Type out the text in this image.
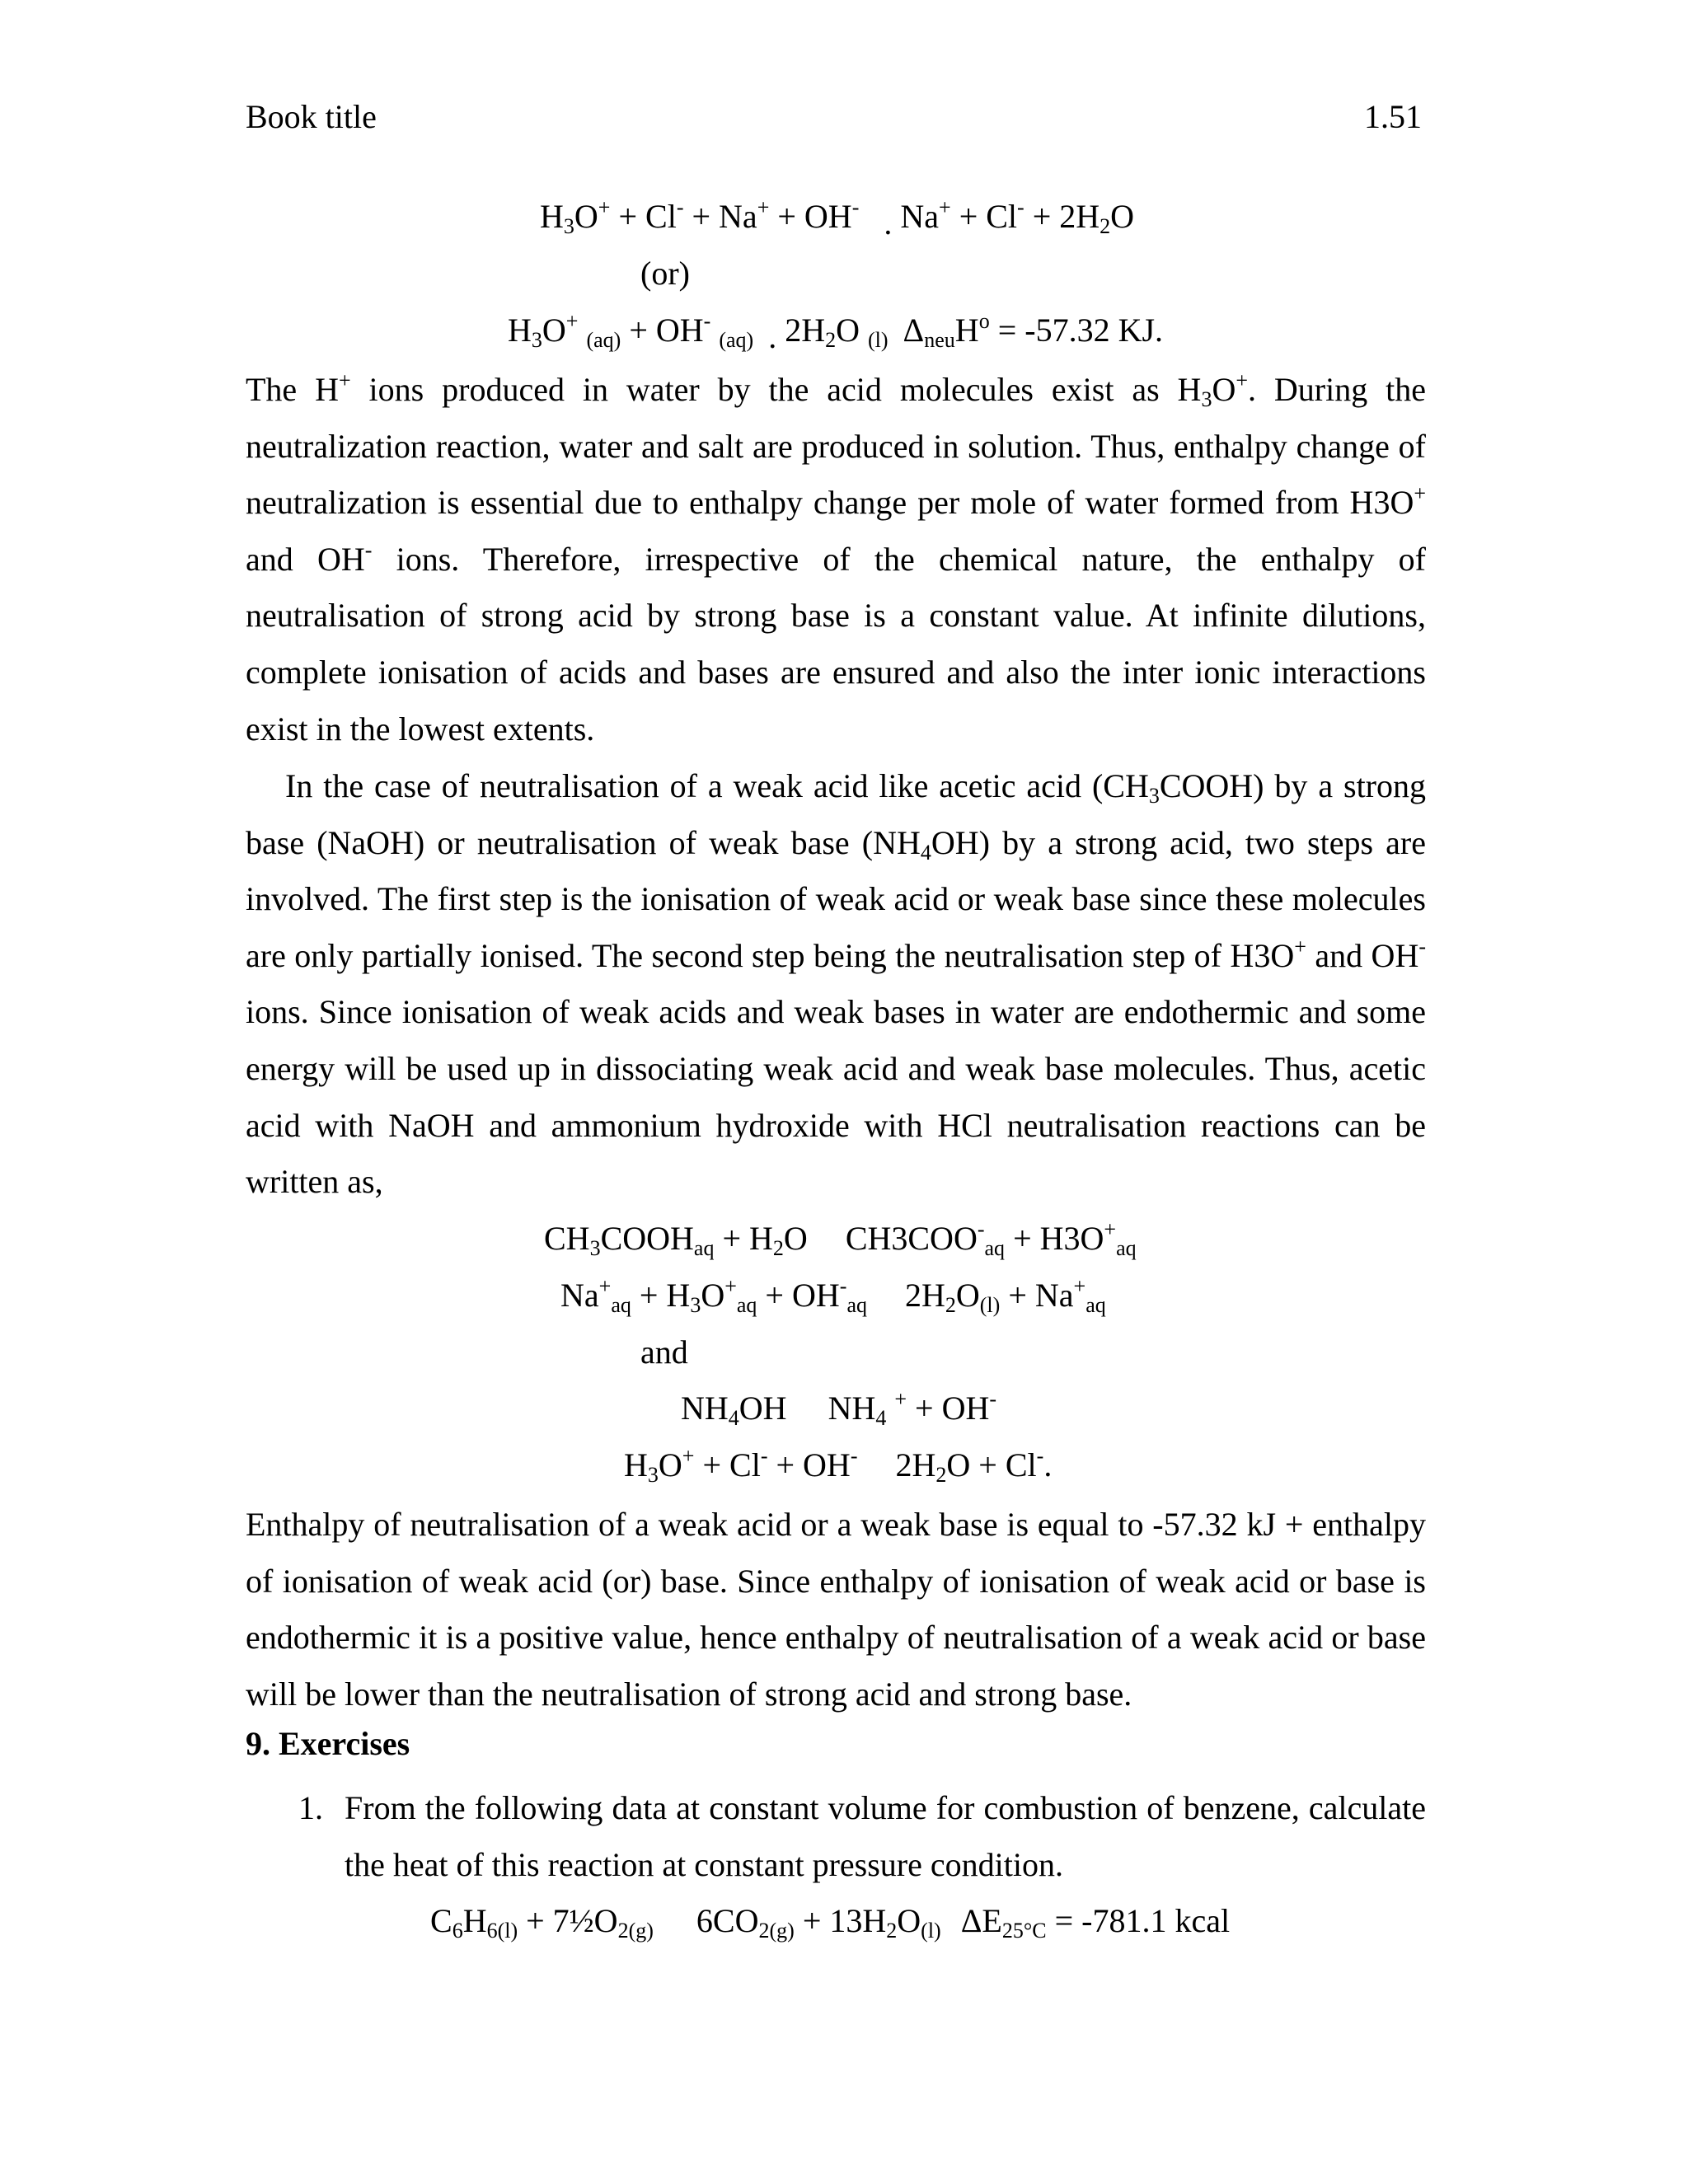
Book title	1.51
$H_3O^+ + Cl^- + Na^+ + OH^-$ . $Na^+ + Cl^- + 2H_2O$
(or)
$H_3O^+$ (aq) + OH- (aq) . $2H_2O$ (l) $\Delta_{neu}H^o = -57.32$ KJ.
The H+ ions produced in water by the acid molecules exist as $H_3O^+$. During the neutralization reaction, water and salt are produced in solution. Thus, enthalpy change of neutralization is essential due to enthalpy change per mole of water formed from H3O+ and OH- ions. Therefore, irrespective of the chemical nature, the enthalpy of neutralisation of strong acid by strong base is a constant value. At infinite dilutions, complete ionisation of acids and bases are ensured and also the inter ionic interactions exist in the lowest extents.
In the case of neutralisation of a weak acid like acetic acid $(CH_3COOH)$ by a strong base (NaOH) or neutralisation of weak base $(NH_4OH)$ by a strong acid, two steps are involved. The first step is the ionisation of weak acid or weak base since these molecules are only partially ionised. The second step being the neutralisation step of H3O+ and OH- ions. Since ionisation of weak acids and weak bases in water are endothermic and some energy will be used up in dissociating weak acid and weak base molecules. Thus, acetic acid with NaOH and ammonium hydroxide with HCl neutralisation reactions can be written as,
$CH_3COOH_{aq} + H_2O$ $CH3COO^-_{aq} + H3O^+_{aq}$
$Na^+_{aq} + H_3O^+_{aq} + OH^-_{aq}$ $2H_2O_{(l)} + Na^+_{aq}$
and
$NH_4OH$ $NH_4$ + + OH-
$H_3O^+ + Cl^- + OH^-$ $2H_2O + Cl^-$.
Enthalpy of neutralisation of a weak acid or a weak base is equal to -57.32 kJ + enthalpy of ionisation of weak acid (or) base. Since enthalpy of ionisation of weak acid or base is endothermic it is a positive value, hence enthalpy of neutralisation of a weak acid or base will be lower than the neutralisation of strong acid and strong base.
9. Exercises
1. From the following data at constant volume for combustion of benzene, calculate the heat of this reaction at constant pressure condition.
$C_6H_{6(l)}$ + $7\frac{1}{2}O_{2(g)}$ $6CO_{2(g)} + 13H_2O_{(l)}$ $\Delta E_{25^\circ C} = -781.1$ kcal
